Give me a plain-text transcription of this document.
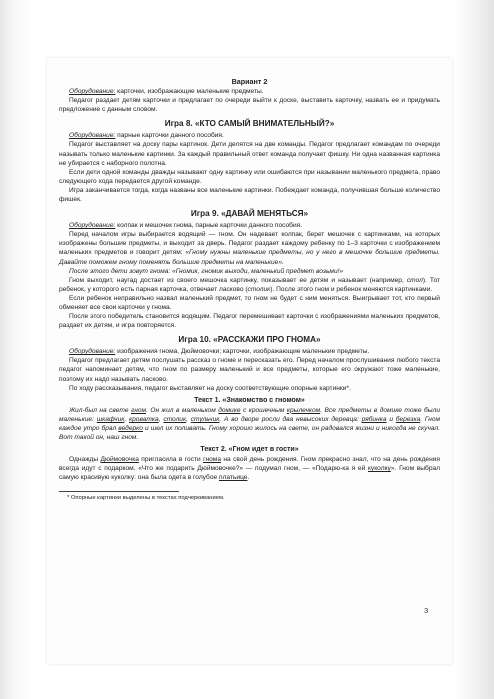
Вариант 2

Оборудование: карточки, изображающие маленькие предметы.

Педагог раздает детям карточки и предлагает по очереди выйти к доске, выставить карточку, назвать ее и придумать предложение с данным словом.

Игра 8. «КТО САМЫЙ ВНИМАТЕЛЬНЫЙ?»

Оборудование: парные карточки данного пособия.

Педагог выставляет на доску пары картинок. Дети делятся на две команды. Педагог предлагает командам по очереди называть только маленькие картинки. За каждый правильный ответ команда получает фишку. Ни одна названная картинка не убирается с наборного полотна.

Если дети одной команды дважды называют одну картинку или ошибаются при назывании маленького предмета, право следующего хода передается другой команде.

Игра заканчивается тогда, когда названы все маленькие картинки. Побеждает команда, получившая больше количество фишек.

Игра 9. «ДАВАЙ МЕНЯТЬСЯ»

Оборудование: колпак и мешочек гнома, парные карточки данного пособия.

Перед началом игры выбирается водящий — гном. Он надевает колпак, берет мешочек с картинками, на которых изображены большие предметы, и выходит за дверь. Педагог раздает каждому ребенку по 1–3 карточки с изображением маленьких предметов и говорит детям: «Гному нужны маленькие предметы, но у него в мешочке большие предметы. Давайте поможем гному поменять большие предметы на маленькие».

После этого дети зовут гнома: «Гномик, гномик выходи, маленький предмет возьми!»

Гном выходит, наугад достает из своего мешочка картинку, показывает ее детям и называет (например, стол). Тот ребенок, у которого есть парная карточка, отвечает ласково (столик). После этого гном и ребенок меняются картинками.

Если ребенок неправильно назвал маленький предмет, то гном не будет с ним меняться. Выигрывает тот, кто первый обменяет все свои карточки у гнома.

После этого победитель становится водящим. Педагог перемешивает карточки с изображениями маленьких предметов, раздает их детям, и игра повторяется.

Игра 10. «РАССКАЖИ ПРО ГНОМА»

Оборудование: изображения гнома, Дюймовочки; карточки, изображающие маленькие предметы.

Педагог предлагает детям послушать рассказ о гноме и пересказать его. Перед началом прослушивания любого текста педагог напоминает детям, что гном по размеру маленький и все предметы, которые его окружают тоже маленькие, поэтому их надо называть ласково.

По ходу рассказывания, педагог выставляет на доску соответствующие опорные картинки*.

Текст 1. «Знакомство с гномом»

Жил-был на свете гном. Он жил в маленьком домике с крошечным крылечком. Все предметы в домике тоже были маленькие: шкафчик, кроватка, столик, стульчик. А во дворе росли два невысоких деревца: рябинка и березка. Гном каждое утро брал ведерко и шел их поливать. Гному хорошо жилось на свете, он радовался жизни и никогда не скучал. Вот такой он, наш гном.

Текст 2. «Гном идет в гости»

Однажды Дюймовочка пригласила в гости гнома на свой день рождения. Гном прекрасно знал, что на день рождения всегда идут с подарком. «Что же подарить Дюймовочке?» — подумал гном, — «Подарю-ка я ей куколку». Гном выбрал самую красивую куколку: она была одета в голубое платьице.

* Опорные картинки выделены в текстах подчеркиванием.

3
